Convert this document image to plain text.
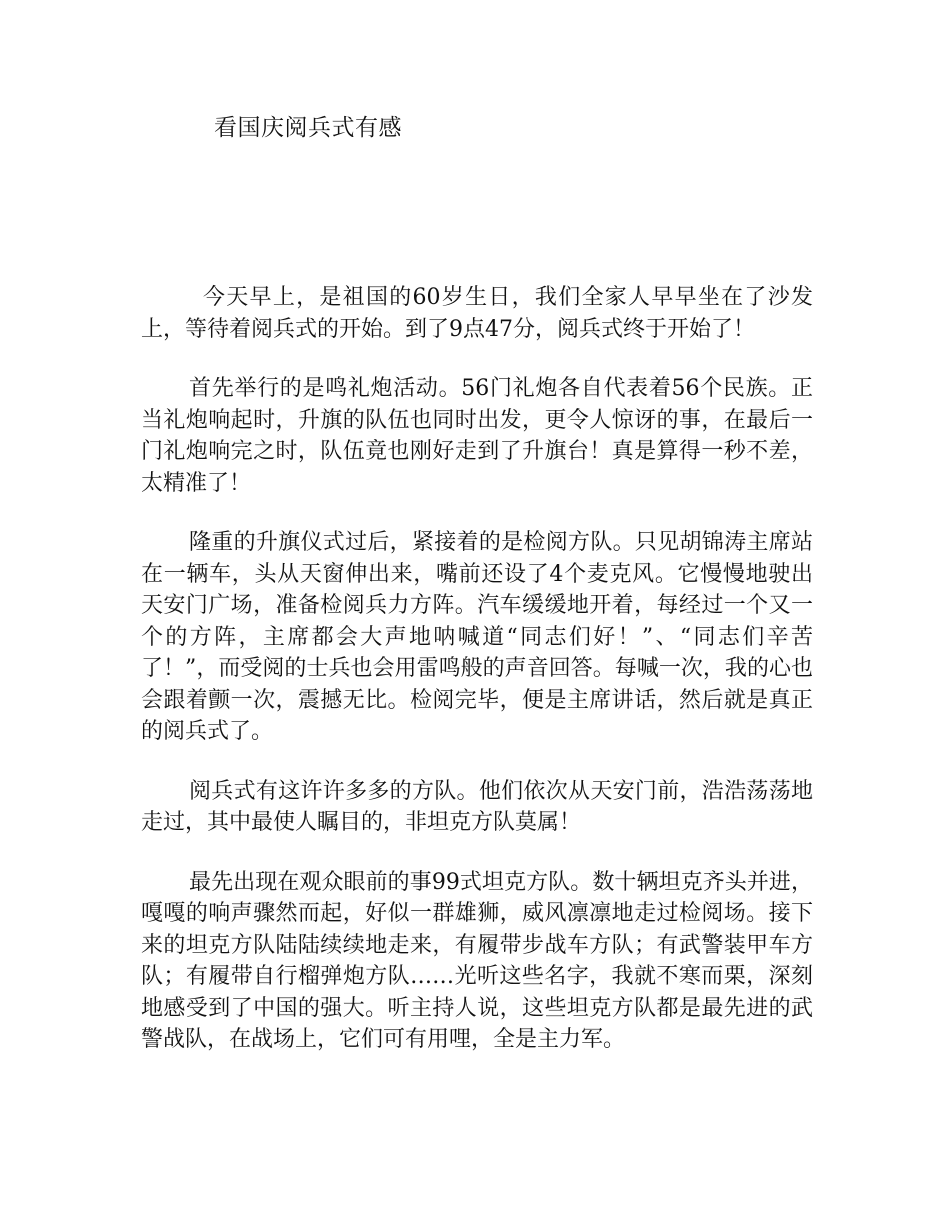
看国庆阅兵式有感

今天早上，是祖国的60岁生日，我们全家人早早坐在了沙发上，等待着阅兵式的开始。到了9点47分，阅兵式终于开始了！

首先举行的是鸣礼炮活动。56门礼炮各自代表着56个民族。正当礼炮响起时，升旗的队伍也同时出发，更令人惊讶的事，在最后一门礼炮响完之时，队伍竟也刚好走到了升旗台！真是算得一秒不差，太精准了！

隆重的升旗仪式过后，紧接着的是检阅方队。只见胡锦涛主席站在一辆车，头从天窗伸出来，嘴前还设了4个麦克风。它慢慢地驶出天安门广场，准备检阅兵力方阵。汽车缓缓地开着，每经过一个又一个的方阵，主席都会大声地呐喊道“同志们好！”、“同志们辛苦了！”，而受阅的士兵也会用雷鸣般的声音回答。每喊一次，我的心也会跟着颤一次，震撼无比。检阅完毕，便是主席讲话，然后就是真正的阅兵式了。

阅兵式有这许许多多的方队。他们依次从天安门前，浩浩荡荡地走过，其中最使人瞩目的，非坦克方队莫属！

最先出现在观众眼前的事99式坦克方队。数十辆坦克齐头并进，嘎嘎的响声骤然而起，好似一群雄狮，威风凛凛地走过检阅场。接下来的坦克方队陆陆续续地走来，有履带步战车方队；有武警装甲车方队；有履带自行榴弹炮方队……光听这些名字，我就不寒而栗，深刻地感受到了中国的强大。听主持人说，这些坦克方队都是最先进的武警战队，在战场上，它们可有用哩，全是主力军。
